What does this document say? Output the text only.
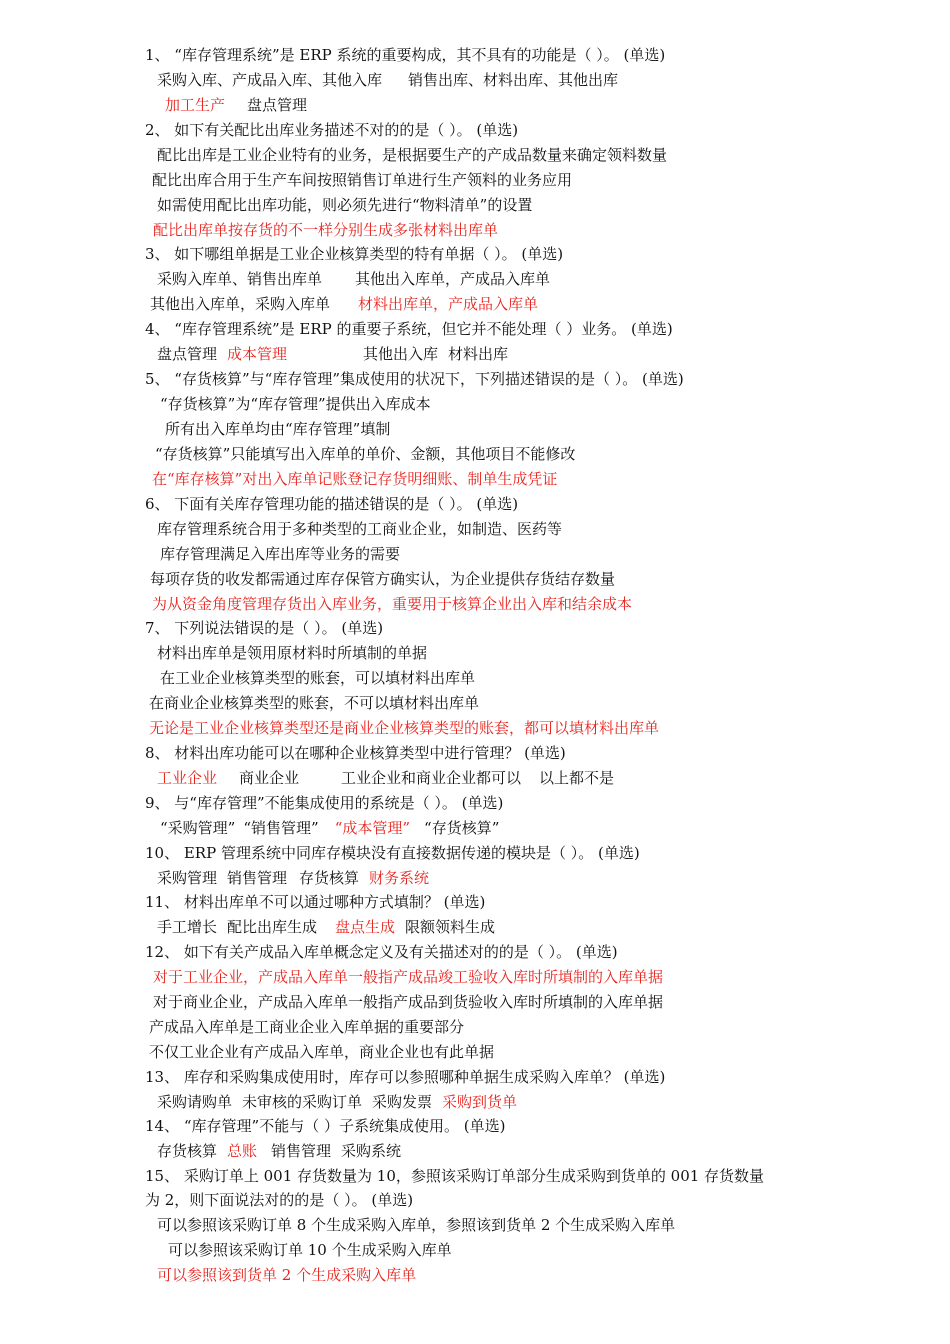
1、 “库存管理系统”是 ERP 系统的重要构成，其不具有的功能是（ ）。 (单选)
采购入库、产成品入库、其他入库 销售出库、材料出库、其他出库
加工生产 盘点管理
2、 如下有关配比出库业务描述不对的的是（ ）。 (单选)
配比出库是工业企业特有的业务，是根据要生产的产成品数量来确定领料数量
配比出库合用于生产车间按照销售订单进行生产领料的业务应用
如需使用配比出库功能，则必须先进行“物料清单”的设置
配比出库单按存货的不一样分别生成多张材料出库单
3、 如下哪组单据是工业企业核算类型的特有单据（ ）。 (单选)
采购入库单、销售出库单 其他出入库单，产成品入库单
其他出入库单，采购入库单 材料出库单，产成品入库单
4、 “库存管理系统”是 ERP 的重要子系统，但它并不能处理（ ）业务。 (单选)
盘点管理 成本管理	其他出入库 材料出库
5、 “存货核算”与“库存管理”集成使用的状况下，下列描述错误的是（ ）。 (单选)
“存货核算”为“库存管理”提供出入库成本
所有出入库单均由“库存管理”填制
“存货核算”只能填写出入库单的单价、金额，其他项目不能修改
在“库存核算”对出入库单记账登记存货明细账、制单生成凭证
6、 下面有关库存管理功能的描述错误的是（ ）。 (单选)
库存管理系统合用于多种类型的工商业企业，如制造、医药等
库存管理满足入库出库等业务的需要
每项存货的收发都需通过库存保管方确实认，为企业提供存货结存数量
为从资金角度管理存货出入库业务，重要用于核算企业出入库和结余成本
7、 下列说法错误的是（ ）。 (单选)
材料出库单是领用原材料时所填制的单据
在工业企业核算类型的账套，可以填材料出库单
在商业企业核算类型的账套，不可以填材料出库单
无论是工业企业核算类型还是商业企业核算类型的账套，都可以填材料出库单
8、 材料出库功能可以在哪种企业核算类型中进行管理？ (单选)
工业企业 商业企业	工业企业和商业企业都可以 以上都不是
9、 与“库存管理”不能集成使用的系统是（ ）。 (单选)
“采购管理” “销售管理” “成本管理” “存货核算”
10、 ERP 管理系统中同库存模块没有直接数据传递的模块是（ ）。 (单选)
采购管理 销售管理 存货核算 财务系统
11、 材料出库单不可以通过哪种方式填制？ (单选)
手工增长 配比出库生成 盘点生成 限额领料生成
12、 如下有关产成品入库单概念定义及有关描述对的的是（ ）。 (单选)
对于工业企业，产成品入库单一般指产成品竣工验收入库时所填制的入库单据
对于商业企业，产成品入库单一般指产成品到货验收入库时所填制的入库单据
产成品入库单是工商业企业入库单据的重要部分
不仅工业企业有产成品入库单，商业企业也有此单据
13、 库存和采购集成使用时，库存可以参照哪种单据生成采购入库单？ (单选)
采购请购单 未审核的采购订单 采购发票 采购到货单
14、 “库存管理”不能与（ ）子系统集成使用。 (单选)
存货核算 总账 销售管理 采购系统
15、 采购订单上 001 存货数量为 10，参照该采购订单部分生成采购到货单的 001 存货数量
为 2，则下面说法对的的是（ ）。 (单选)
可以参照该采购订单 8 个生成采购入库单，参照该到货单 2 个生成采购入库单
可以参照该采购订单 10 个生成采购入库单
可以参照该到货单 2 个生成采购入库单
